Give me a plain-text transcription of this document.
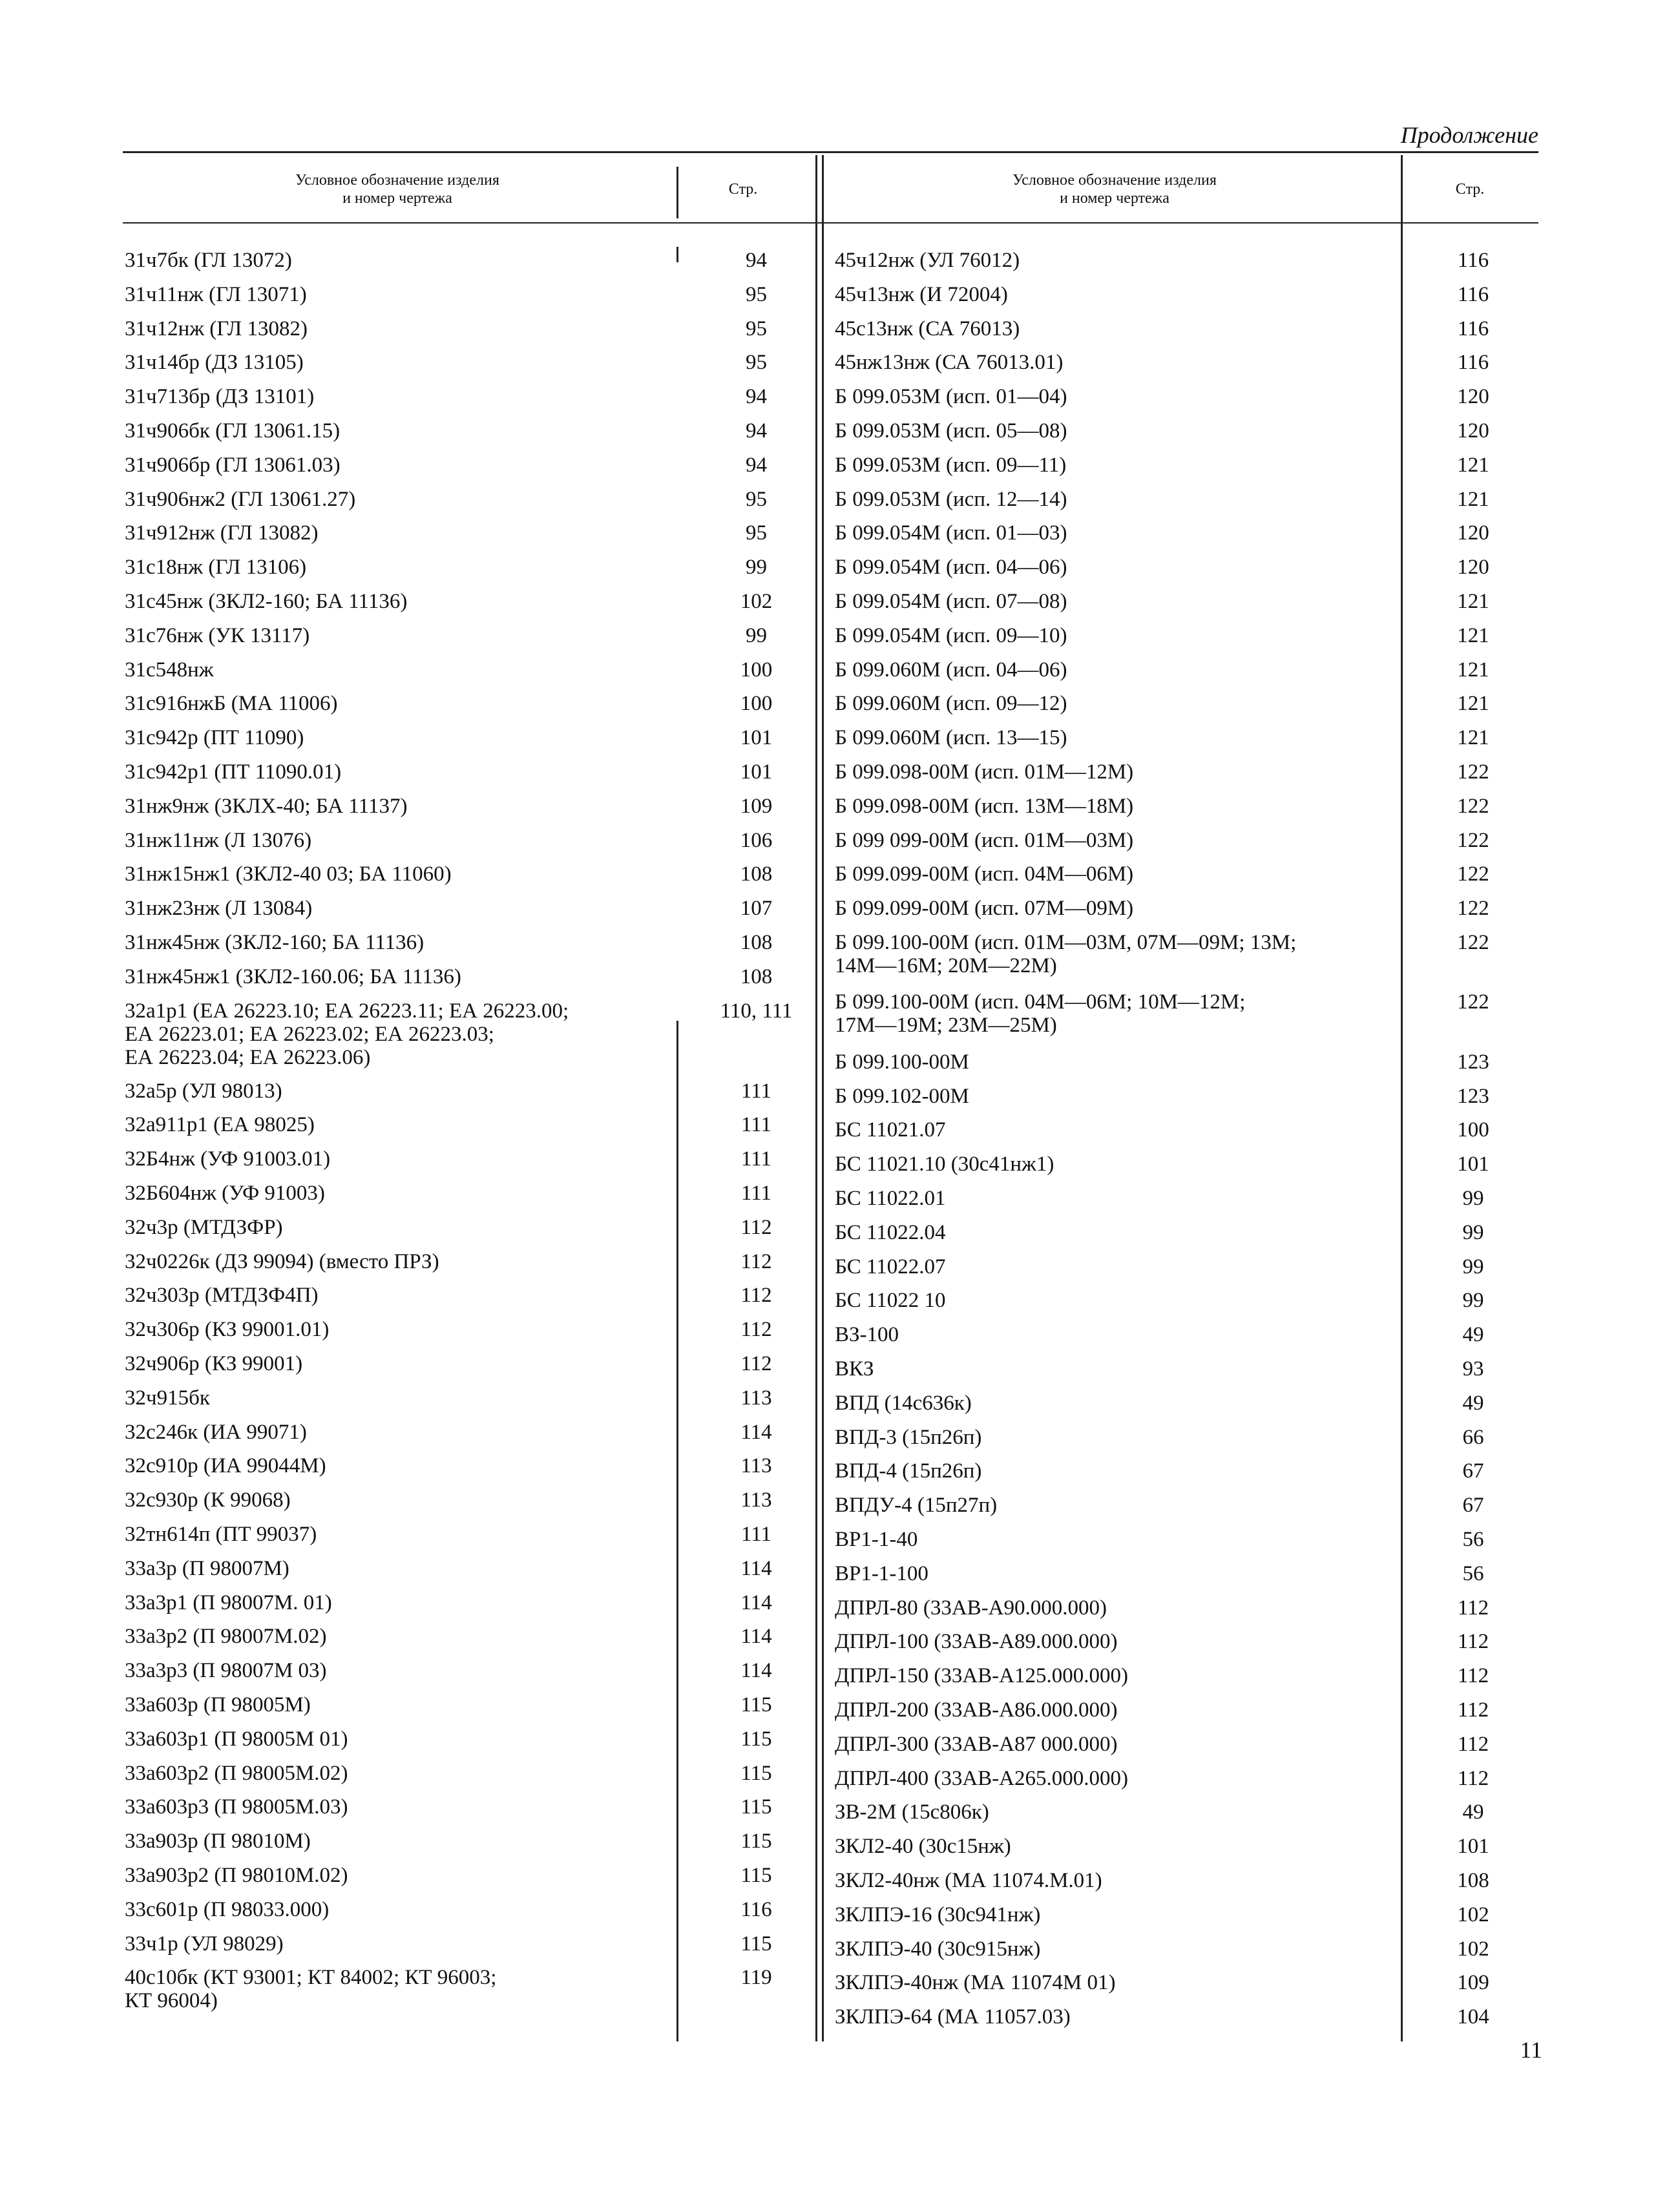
Продолжение
Условное обозначение изделия
и номер чертежа
Стр.
Условное обозначение изделия
и номер чертежа
Стр.
31ч7бк (ГЛ 13072)	94
31ч11нж (ГЛ 13071)	95
31ч12нж (ГЛ 13082)	95
31ч14бр (ДЗ 13105)	95
31ч713бр (ДЗ 13101)	94
31ч906бк (ГЛ 13061.15)	94
31ч906бр (ГЛ 13061.03)	94
31ч906нж2 (ГЛ 13061.27)	95
31ч912нж (ГЛ 13082)	95
31с18нж (ГЛ 13106)	99
31с45нж (ЗКЛ2-160; БА 11136)	102
31с76нж (УК 13117)	99
31с548нж	100
31с916нжБ (МА 11006)	100
31с942р (ПТ 11090)	101
31с942р1 (ПТ 11090.01)	101
31нж9нж (ЗКЛХ-40; БА 11137)	109
31нж11нж (Л 13076)	106
31нж15нж1 (ЗКЛ2-40 03; БА 11060)	108
31нж23нж (Л 13084)	107
31нж45нж (ЗКЛ2-160; БА 11136)	108
31нж45нж1 (ЗКЛ2-160.06; БА 11136)	108
32а1р1 (ЕА 26223.10; ЕА 26223.11; ЕА 26223.00;
ЕА 26223.01; ЕА 26223.02; ЕА 26223.03;
ЕА 26223.04; ЕА 26223.06)
110, 111
32а5р (УЛ 98013)	111
32а911р1 (ЕА 98025)	111
32Б4нж (УФ 91003.01)	111
32Б604нж (УФ 91003)	111
32ч3р (МТДЗФР)	112
32ч0226к (ДЗ 99094) (вместо ПРЗ)	112
32ч303р (МТДЗФ4П)	112
32ч306р (КЗ 99001.01)	112
32ч906р (КЗ 99001)	112
32ч915бк	113
32с246к (ИА 99071)	114
32с910р (ИА 99044М)	113
32с930р (К 99068)	113
32тн614п (ПТ 99037)	111
33а3р (П 98007М)	114
33а3р1 (П 98007М. 01)	114
33а3р2 (П 98007М.02)	114
33а3р3 (П 98007М 03)	114
33а603р (П 98005М)	115
33а603р1 (П 98005М 01)	115
33а603р2 (П 98005М.02)	115
33а603р3 (П 98005М.03)	115
33а903р (П 98010М)	115
33а903р2 (П 98010М.02)	115
33с601р (П 98033.000)	116
33ч1р (УЛ 98029)	115
40с10бк (КТ 93001; КТ 84002; КТ 96003;
КТ 96004)
119
45ч12нж (УЛ 76012)	116
45ч13нж (И 72004)	116
45с13нж (СА 76013)	116
45нж13нж (СА 76013.01)	116
Б 099.053М (исп. 01—04)	120
Б 099.053М (исп. 05—08)	120
Б 099.053М (исп. 09—11)	121
Б 099.053М (исп. 12—14)	121
Б 099.054М (исп. 01—03)	120
Б 099.054М (исп. 04—06)	120
Б 099.054М (исп. 07—08)	121
Б 099.054М (исп. 09—10)	121
Б 099.060М (исп. 04—06)	121
Б 099.060М (исп. 09—12)	121
Б 099.060М (исп. 13—15)	121
Б 099.098-00М (исп. 01М—12М)	122
Б 099.098-00М (исп. 13М—18М)	122
Б 099 099-00М (исп. 01М—03М)	122
Б 099.099-00М (исп. 04М—06М)	122
Б 099.099-00М (исп. 07М—09М)	122
Б 099.100-00М (исп. 01М—03М, 07М—09М; 13М;
14М—16М; 20М—22М)
122
Б 099.100-00М (исп. 04М—06М; 10М—12М;
17М—19М; 23М—25М)
122
Б 099.100-00М	123
Б 099.102-00М	123
БС 11021.07	100
БС 11021.10 (30с41нж1)	101
БС 11022.01	99
БС 11022.04	99
БС 11022.07	99
БС 11022 10	99
ВЗ-100	49
ВКЗ	93
ВПД (14с636к)	49
ВПД-3 (15п26п)	66
ВПД-4 (15п26п)	67
ВПДУ-4 (15п27п)	67
ВР1-1-40	56
ВР1-1-100	56
ДПРЛ-80 (33АВ-А90.000.000)	112
ДПРЛ-100 (33АВ-А89.000.000)	112
ДПРЛ-150 (33АВ-А125.000.000)	112
ДПРЛ-200 (33АВ-А86.000.000)	112
ДПРЛ-300 (33АВ-А87 000.000)	112
ДПРЛ-400 (33АВ-А265.000.000)	112
ЗВ-2М (15с806к)	49
ЗКЛ2-40 (30с15нж)	101
ЗКЛ2-40нж (МА 11074.М.01)	108
ЗКЛПЭ-16 (30с941нж)	102
ЗКЛПЭ-40 (30с915нж)	102
ЗКЛПЭ-40нж (МА 11074М 01)	109
ЗКЛПЭ-64 (МА 11057.03)	104
11
